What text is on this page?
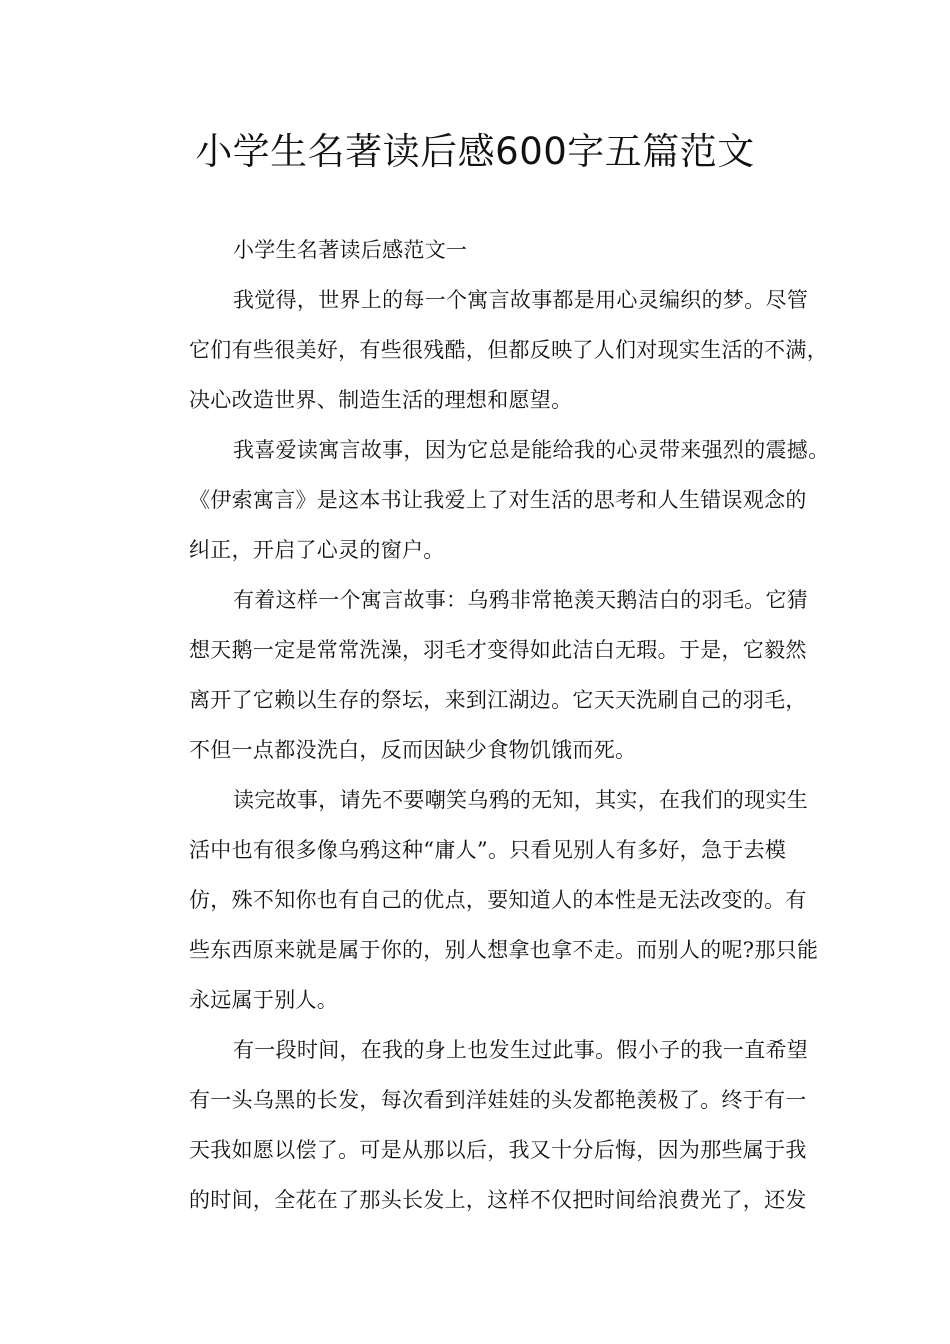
小学生名著读后感600字五篇范文

小学生名著读后感范文一

我觉得，世界上的每一个寓言故事都是用心灵编织的梦。尽管
它们有些很美好，有些很残酷，但都反映了人们对现实生活的不满，
决心改造世界、制造生活的理想和愿望。

我喜爱读寓言故事，因为它总是能给我的心灵带来强烈的震撼。
《伊索寓言》是这本书让我爱上了对生活的思考和人生错误观念的
纠正，开启了心灵的窗户。

有着这样一个寓言故事：乌鸦非常艳羡天鹅洁白的羽毛。它猜
想天鹅一定是常常洗澡，羽毛才变得如此洁白无瑕。于是，它毅然
离开了它赖以生存的祭坛，来到江湖边。它天天洗刷自己的羽毛，
不但一点都没洗白，反而因缺少食物饥饿而死。

读完故事，请先不要嘲笑乌鸦的无知，其实，在我们的现实生
活中也有很多像乌鸦这种“庸人”。只看见别人有多好，急于去模
仿，殊不知你也有自己的优点，要知道人的本性是无法改变的。有
些东西原来就是属于你的，别人想拿也拿不走。而别人的呢?那只能
永远属于别人。

有一段时间，在我的身上也发生过此事。假小子的我一直希望
有一头乌黑的长发，每次看到洋娃娃的头发都艳羡极了。终于有一
天我如愿以偿了。可是从那以后，我又十分后悔，因为那些属于我
的时间，全花在了那头长发上，这样不仅把时间给浪费光了，还发
